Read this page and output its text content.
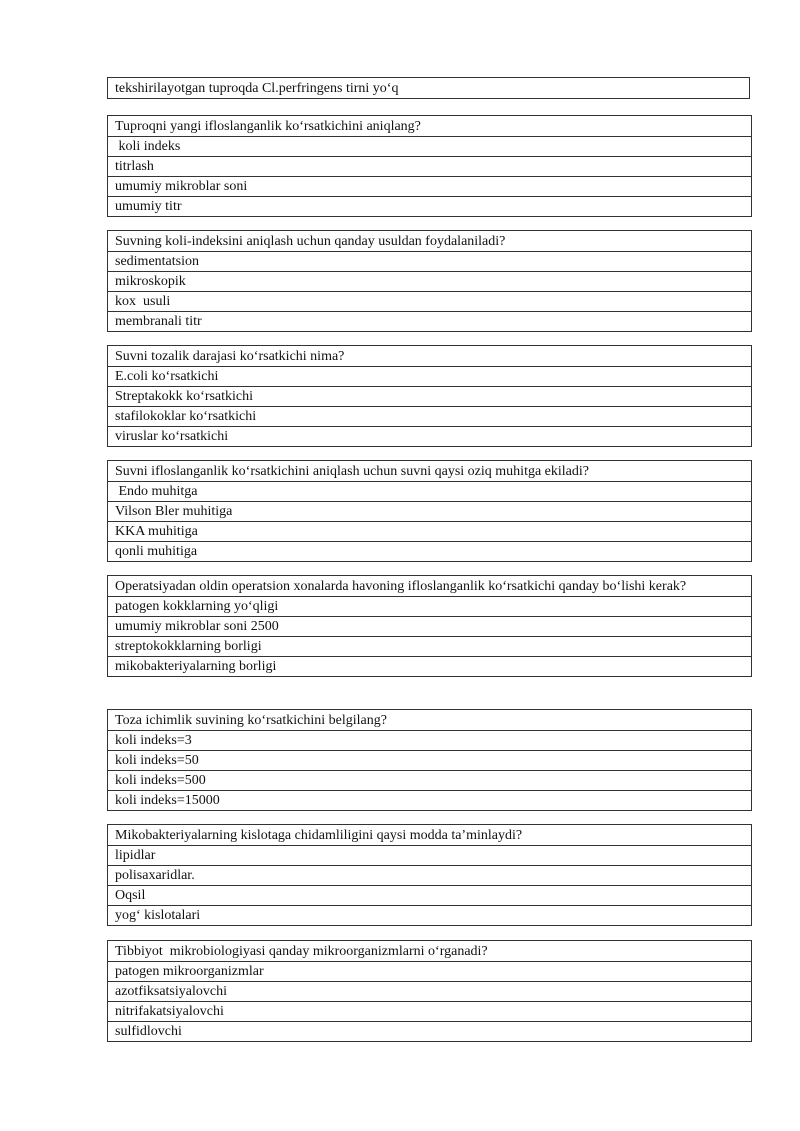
tekshirilayotgan tuproqda Cl.perfringens tirni yo‘q
Tuproqni yangi ifloslanganlik ko‘rsatkichini aniqlang?
koli indeks
titrlash
umumiy mikroblar soni
umumiy titr
Suvning koli-indeksini aniqlash uchun qanday usuldan foydalaniladi?
sedimentatsion
mikroskopik
kox  usuli
membranali titr
Suvni tozalik darajasi ko‘rsatkichi nima?
E.coli ko‘rsatkichi
Streptakokk ko‘rsatkichi
stafilokoklar ko‘rsatkichi
viruslar ko‘rsatkichi
Suvni ifloslanganlik ko‘rsatkichini aniqlash uchun suvni qaysi oziq muhitga ekiladi?
Endo muhitga
Vilson Bler muhitiga
KKA muhitiga
qonli muhitiga
Operatsiyadan oldin operatsion xonalarda havoning ifloslanganlik ko‘rsatkichi qanday bo‘lishi kerak?
patogen kokklarning yo‘qligi
umumiy mikroblar soni 2500
streptokokklarning borligi
mikobakteriyalarning borligi
Toza ichimlik suvining ko‘rsatkichini belgilang?
koli indeks=3
koli indeks=50
koli indeks=500
koli indeks=15000
Mikobakteriyalarning kislotaga chidamliligini qaysi modda ta’minlaydi?
lipidlar
polisaxaridlar.
Oqsil
yog‘ kislotalari
Tibbiyot  mikrobiologiyasi qanday mikroorganizmlarni o‘rganadi?
patogen mikroorganizmlar
azotfiksatsiyalovchi
nitrifakatsiyalovchi
sulfidlovchi
